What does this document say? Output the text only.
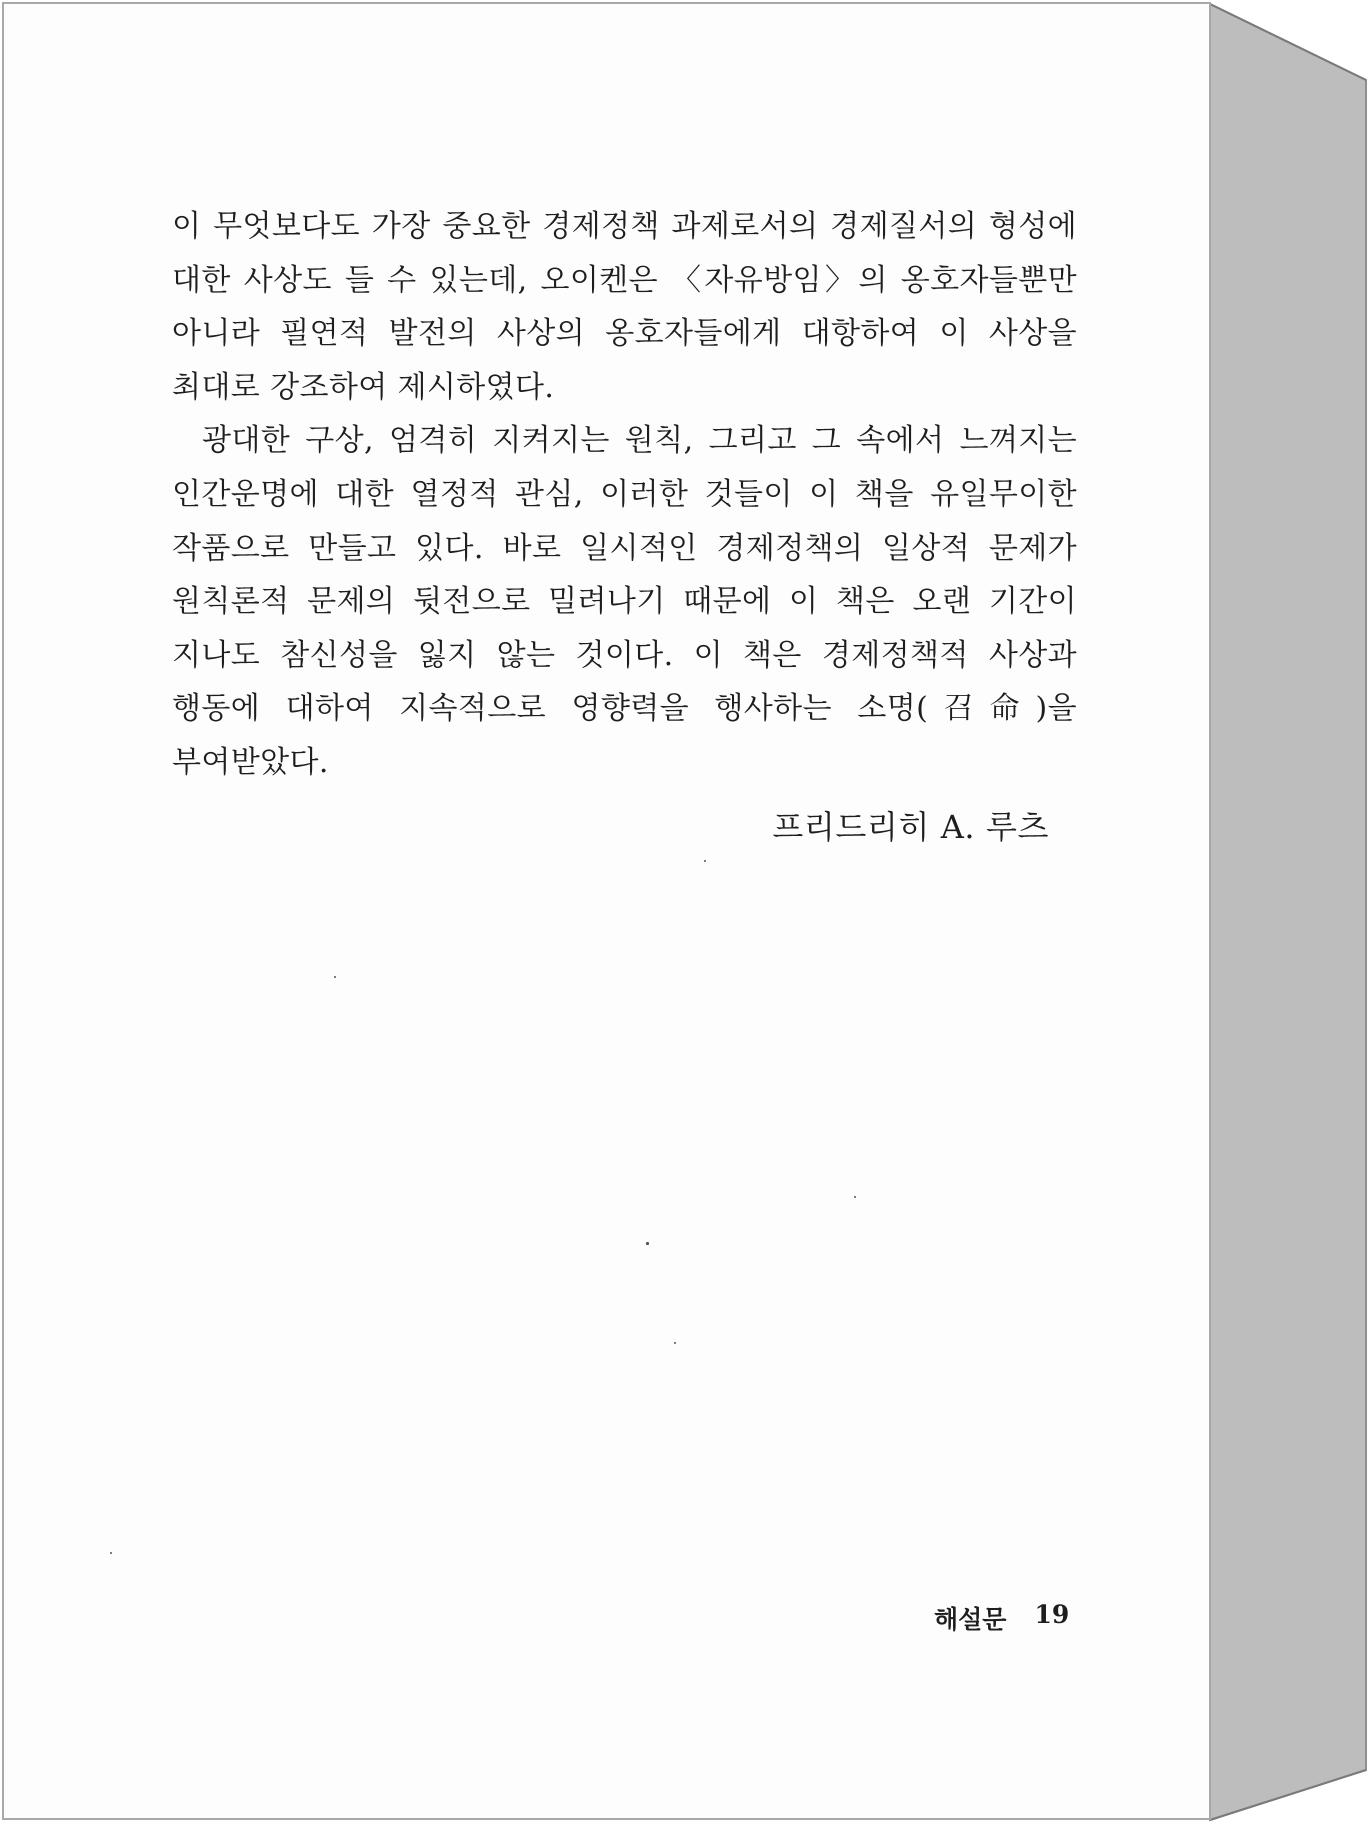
이 무엇보다도 가장 중요한 경제정책 과제로서의 경제질서의 형성에 대한 사상도 들 수 있는데, 오이켄은 〈자유방임〉의 옹호자들뿐만 아니라 필연적 발전의 사상의 옹호자들에게 대항하여 이 사상을 최대로 강조하여 제시하였다.

광대한 구상, 엄격히 지켜지는 원칙, 그리고 그 속에서 느껴지는 인간운명에 대한 열정적 관심, 이러한 것들이 이 책을 유일무이한 작품으로 만들고 있다. 바로 일시적인 경제정책의 일상적 문제가 원칙론적 문제의 뒷전으로 밀려나기 때문에 이 책은 오랜 기간이 지나도 참신성을 잃지 않는 것이다. 이 책은 경제정책적 사상과 행동에 대하여 지속적으로 영향력을 행사하는 소명(召命)을 부여받았다.

프리드리히 A. 루츠
해설문 19
